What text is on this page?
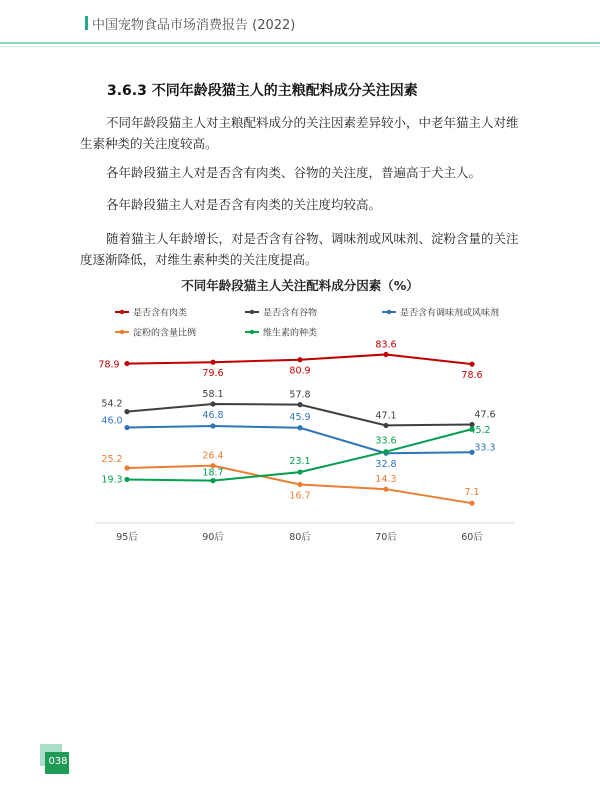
中国宠物食品市场消费报告 (2022)
3.6.3 不同年龄段猫主人的主粮配料成分关注因素

不同年龄段猫主人对主粮配料成分的关注因素差异较小，中老年猫主人对维生素种类的关注度较高。

各年龄段猫主人对是否含有肉类、谷物的关注度，普遍高于犬主人。

各年龄段猫主人对是否含有肉类的关注度均较高。

随着猫主人年龄增长，对是否含有谷物、调味剂或风味剂、淀粉含量的关注度逐渐降低，对维生素种类的关注度提高。

不同年龄段猫主人关注配料成分因素（%）
是否含有肉类	是否含有谷物	是否含有调味剂或风味剂
淀粉的含量比例	维生素的种类
78.9
79.6	80.9
83.6
78.6
54.2
58.1	57.8
47.1	47.6
46.0
46.8	45.9
32.8
33.3
25.2	26.4
16.7
14.3
7.1
19.3
18.7
23.1
33.6
45.2
95后	90后	80后	70后	60后
038
